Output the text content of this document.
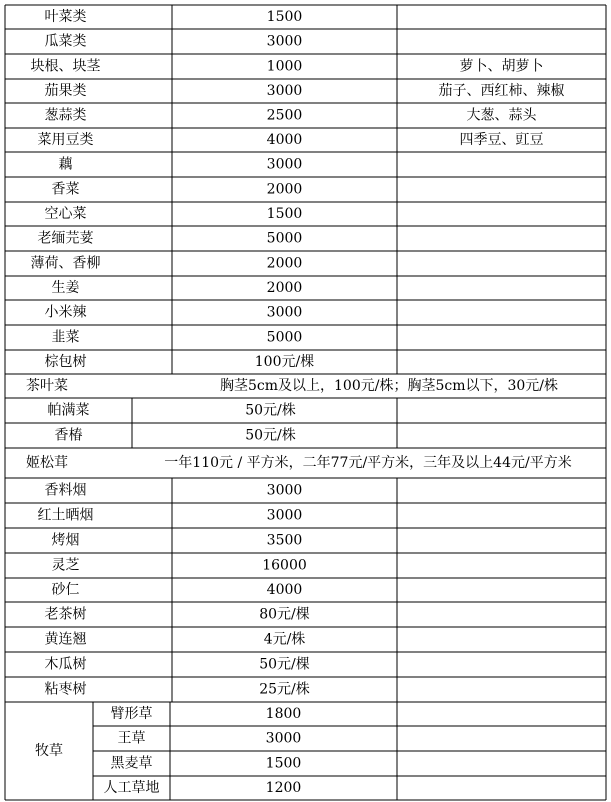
叶菜类	1500
瓜菜类	3000
块根、块茎	1000	萝卜、胡萝卜
茄果类	3000	茄子、西红柿、辣椒
葱蒜类	2500	大葱、蒜头
菜用豆类	4000	四季豆、豇豆
藕	3000
香菜	2000
空心菜	1500
老缅芫荽	5000
薄荷、香柳	2000
生姜	2000
小米辣	3000
韭菜	5000
棕包树	100元/棵
茶叶菜	胸茎5cm及以上，100元/株；胸茎5cm以下，30元/株
帕满菜	50元/株
香椿	50元/株
姬松茸	一年110元 / 平方米，二年77元/平方米，三年及以上44元/平方米
香料烟	3000
红土晒烟	3000
烤烟	3500
灵芝	16000
砂仁	4000
老茶树	80元/棵
黄连翘	4元/株
木瓜树	50元/棵
粘枣树	25元/株
牧草
臂形草	1800
王草	3000
黑麦草	1500
人工草地	1200
